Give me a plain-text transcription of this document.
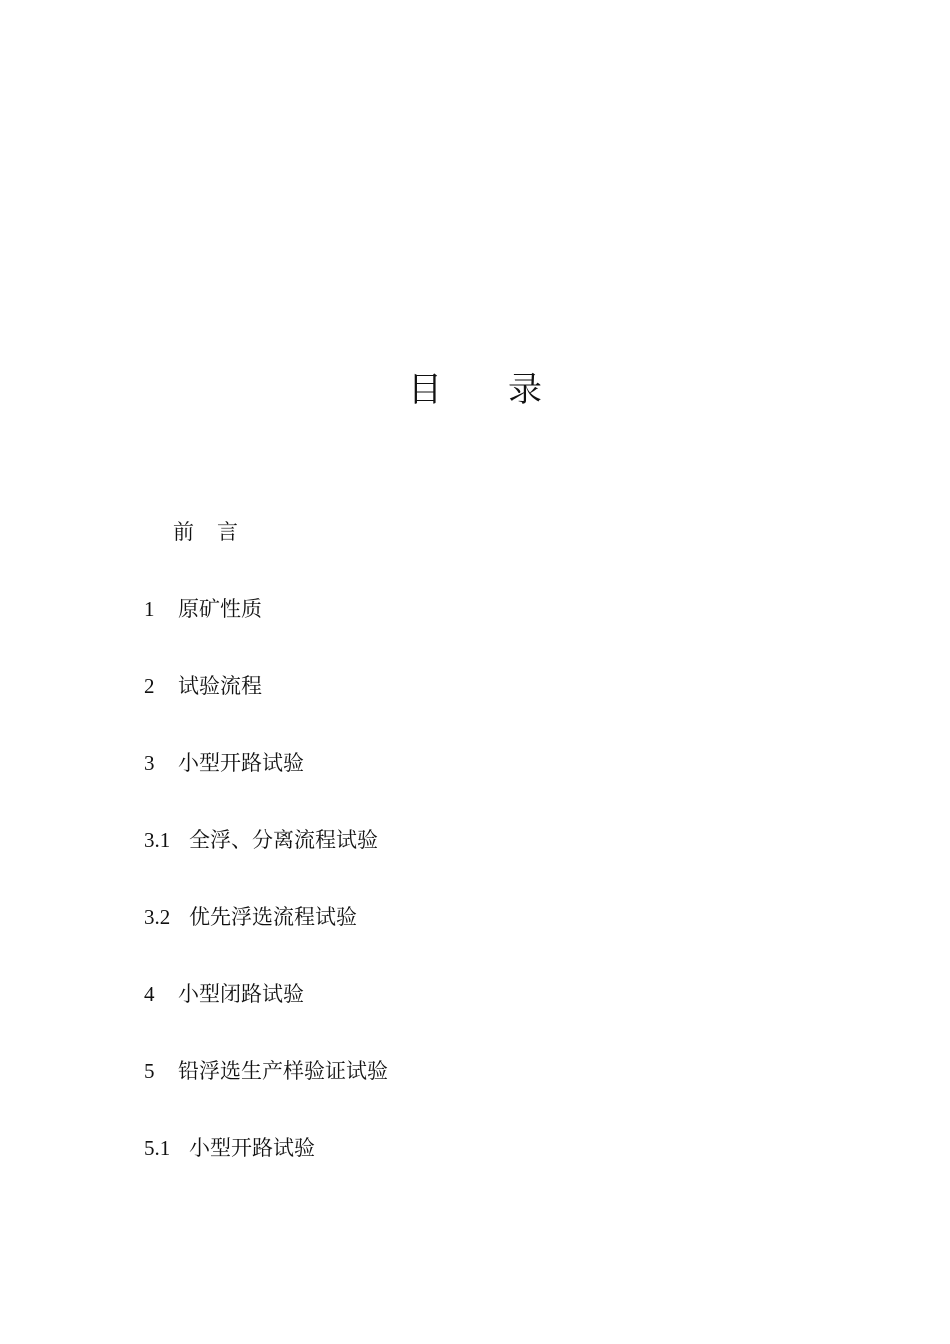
目 录
前 言
1 原矿性质
2 试验流程
3 小型开路试验
3.1 全浮、分离流程试验
3.2 优先浮选流程试验
4 小型闭路试验
5 铅浮选生产样验证试验
5.1 小型开路试验
